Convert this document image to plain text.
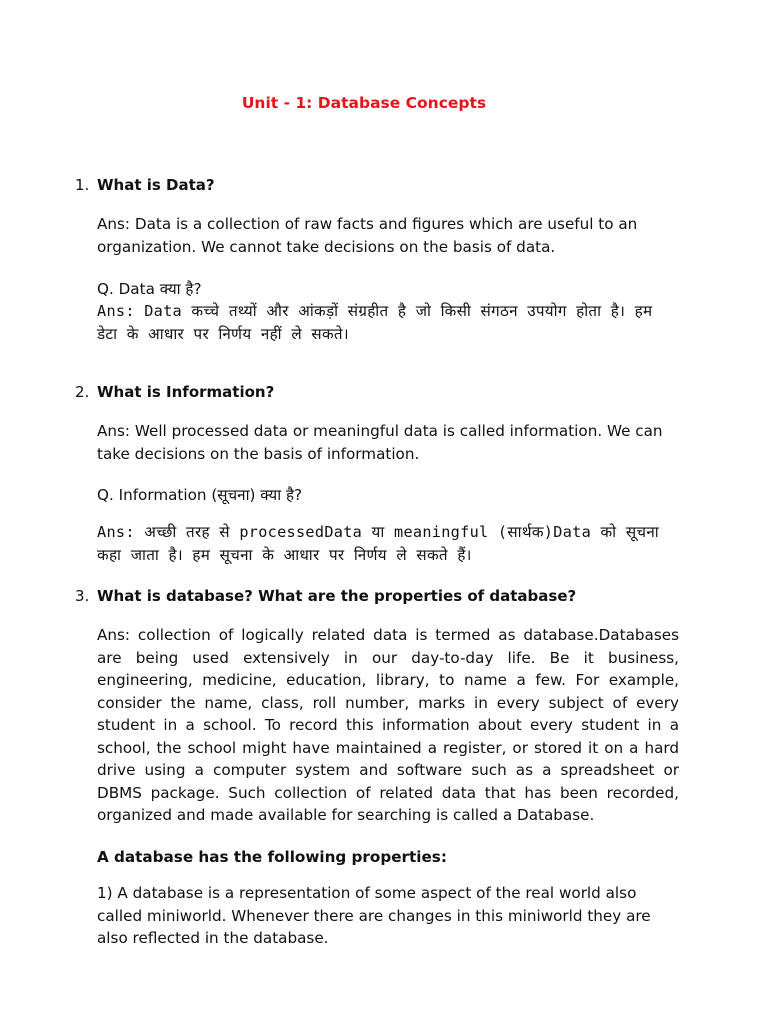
Unit - 1: Database Concepts
1. What is Data?

Ans: Data is a collection of raw facts and figures which are useful to an organization. We cannot take decisions on the basis of data.

Q. Data क्या है?

Ans: Data कच्चे तथ्यों और आंकड़ों संग्रहीत है जो किसी संगठन उपयोग होता है। हम डेटा के आधार पर निर्णय नहीं ले सकते।

2. What is Information?

Ans: Well processed data or meaningful data is called information. We can take decisions on the basis of information.

Q. Information (सूचना) क्या है?

Ans: अच्छी तरह से processedData या meaningful (सार्थक)Data को सूचना कहा जाता है। हम सूचना के आधार पर निर्णय ले सकते हैं।

3. What is database? What are the properties of database?

Ans: collection of logically related data is termed as database.Databases are being used extensively in our day-to-day life. Be it business, engineering, medicine, education, library, to name a few. For example, consider the name, class, roll number, marks in every subject of every student in a school. To record this information about every student in a school, the school might have maintained a register, or stored it on a hard drive using a computer system and software such as a spreadsheet or DBMS package. Such collection of related data that has been recorded, organized and made available for searching is called a Database.

A database has the following properties:

1) A database is a representation of some aspect of the real world also called miniworld. Whenever there are changes in this miniworld they are also reflected in the database.
